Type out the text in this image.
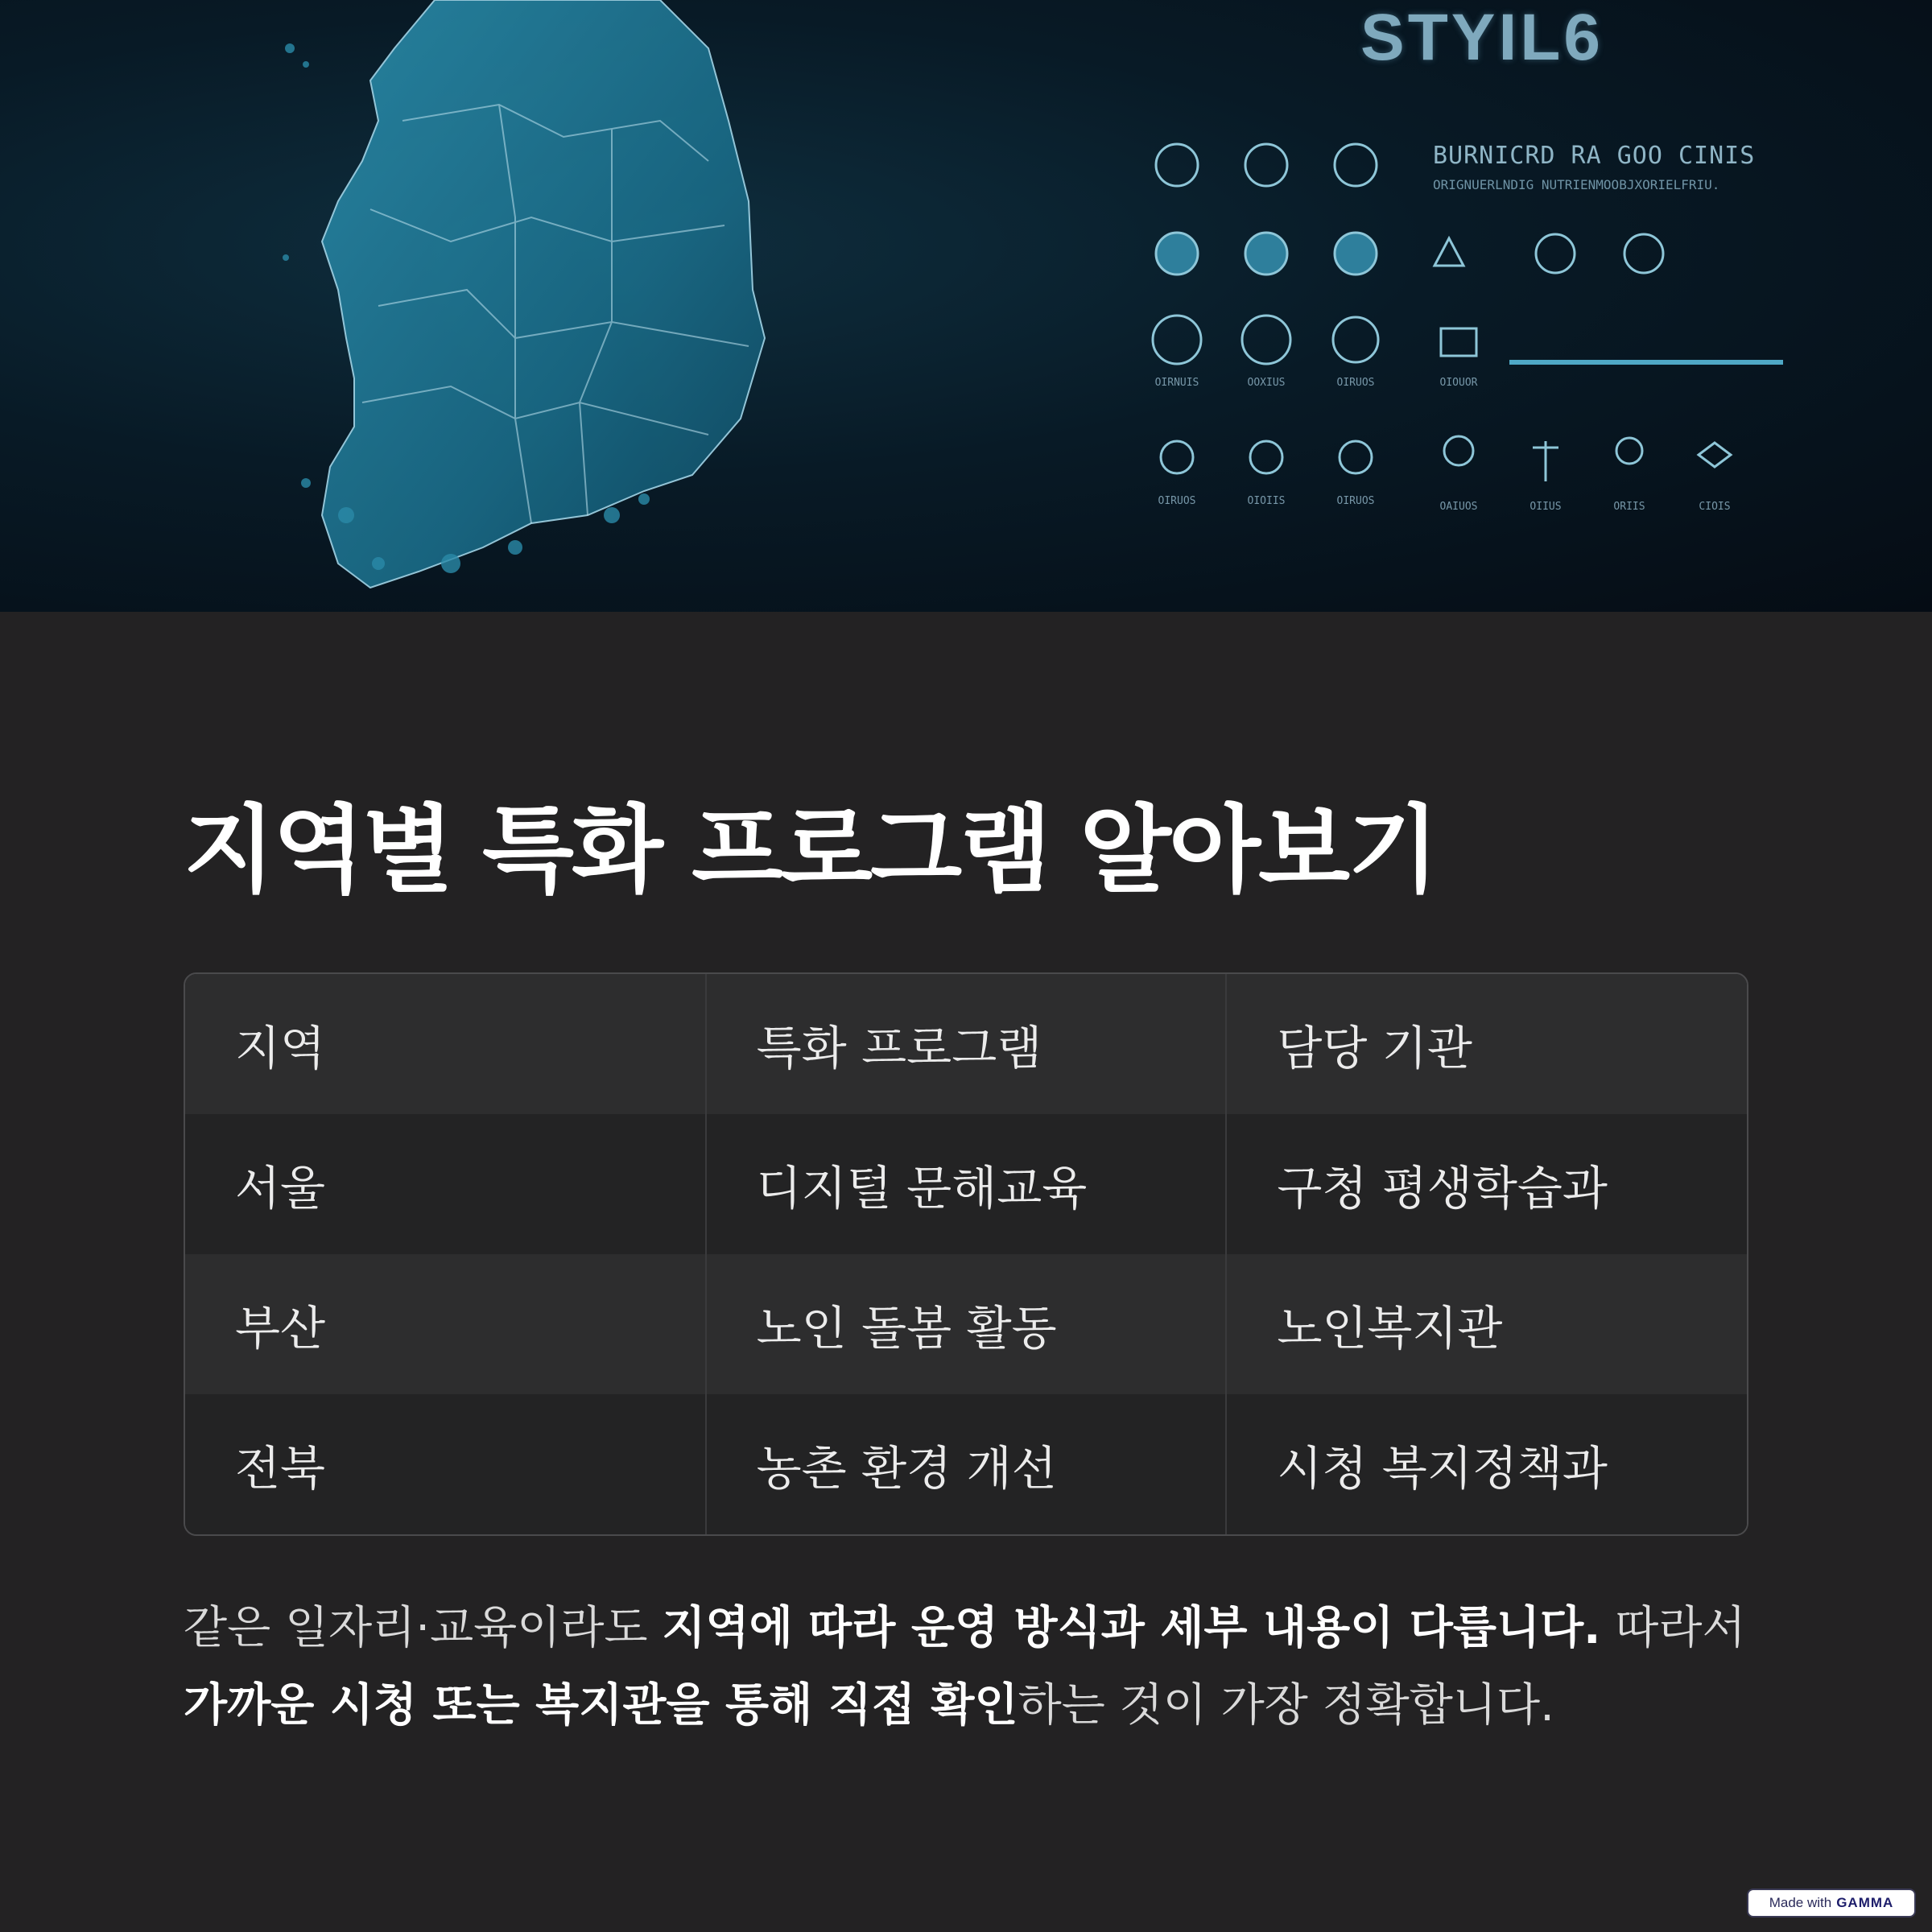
STYIL6
BURNICRD RA GOO CINIS
ORIGNUERLNDIG NUTRIENMOOBJXORIELFRIU.
OIRNUIS	OOXIUS	OIRUOS	OIOUOR
OIRUOS	OIOIIS	OIRUOS	OAIUOS	OIIUS	ORIIS	CIOIS
지역별 특화 프로그램 알아보기
지역	특화 프로그램	담당 기관
서울	디지털 문해교육	구청 평생학습과
부산	노인 돌봄 활동	노인복지관
전북	농촌 환경 개선	시청 복지정책과

같은 일자리·교육이라도 지역에 따라 운영 방식과 세부 내용이 다릅니다. 따라서 가까운 시청 또는 복지관을 통해 직접 확인하는 것이 가장 정확합니다.

Made with GAMMA
